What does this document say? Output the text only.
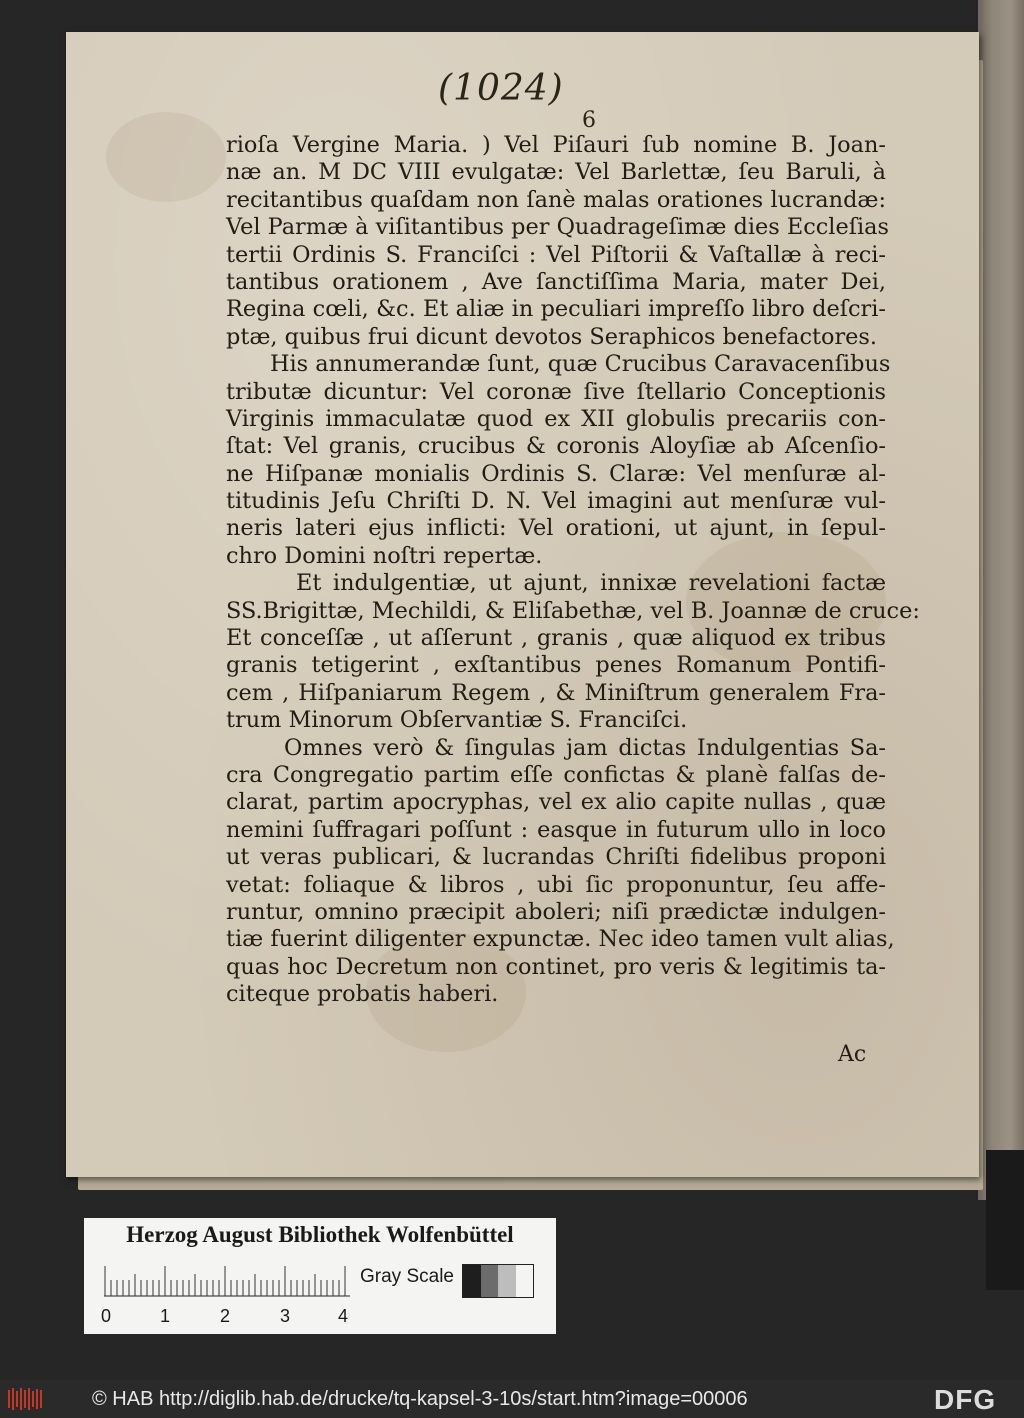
(1024)
6
rioſa Vergine Maria. ) Vel Piſauri ſub nomine B. Joan-
næ an. M DC VIII evulgatæ: Vel Barlettæ, ſeu Baruli, à
recitantibus quaſdam non ſanè malas orationes lucrandæ:
Vel Parmæ à viſitantibus per Quadrageſimæ dies Eccleſias
tertii Ordinis S. Franciſci : Vel Piſtorii & Vaſtallæ à reci-
tantibus orationem , Ave ſanctiſſima Maria, mater Dei,
Regina cœli, &c. Et aliæ in peculiari impreſſo libro deſcri-
ptæ, quibus frui dicunt devotos Seraphicos benefactores.
His annumerandæ ſunt, quæ Crucibus Caravacenſibus
tributæ dicuntur: Vel coronæ ſive ſtellario Conceptionis
Virginis immaculatæ quod ex XII globulis precariis con-
ſtat: Vel granis, crucibus & coronis Aloyſiæ ab Aſcenſio-
ne Hiſpanæ monialis Ordinis S. Claræ: Vel menſuræ al-
titudinis Jeſu Chriſti D. N. Vel imagini aut menſuræ vul-
neris lateri ejus inflicti: Vel orationi, ut ajunt, in ſepul-
chro Domini noſtri repertæ.
Et indulgentiæ, ut ajunt, innixæ revelationi factæ
SS.Brigittæ, Mechildi, & Eliſabethæ, vel B. Joannæ de cruce:
Et conceſſæ , ut aſſerunt , granis , quæ aliquod ex tribus
granis tetigerint , exſtantibus penes Romanum Pontifi-
cem , Hiſpaniarum Regem , & Miniſtrum generalem Fra-
trum Minorum Obſervantiæ S. Franciſci.
Omnes verò & ſingulas jam dictas Indulgentias Sa-
cra Congregatio partim eſſe confictas & planè falſas de-
clarat, partim apocryphas, vel ex alio capite nullas , quæ
nemini ſuffragari poſſunt : easque in futurum ullo in loco
ut veras publicari, & lucrandas Chriſti fidelibus proponi
vetat: foliaque & libros , ubi ſic proponuntur, ſeu affe-
runtur, omnino præcipit aboleri; niſi prædictæ indulgen-
tiæ fuerint diligenter expunctæ. Nec ideo tamen vult alias,
quas hoc Decretum non continet, pro veris & legitimis ta-
citeque probatis haberi.
Ac
Herzog August Bibliothek Wolfenbüttel
0	1	2	3	4
Gray Scale
© HAB http://diglib.hab.de/drucke/tq-kapsel-3-10s/start.htm?image=00006	DFG
